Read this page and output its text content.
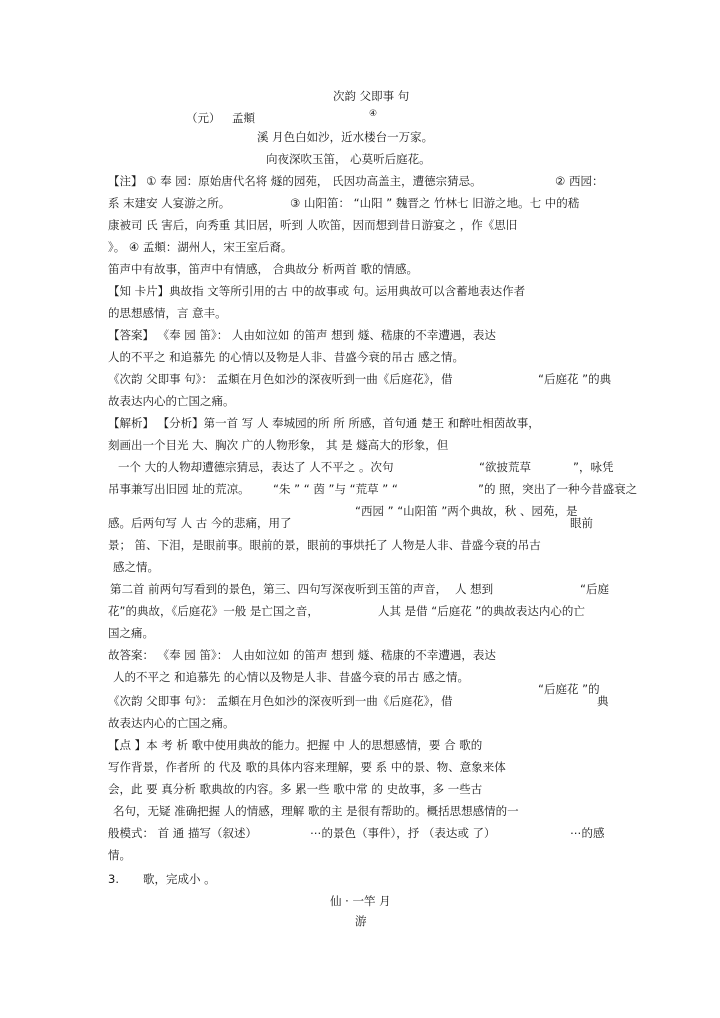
次韵 父即事 句
（元） 孟頫	④
溪 月色白如沙，近水楼台一万家。
向夜深吹玉笛， 心莫听后庭花。
【注】 ① 奉 园：原始唐代名将 燧的园苑， 氏因功高盖主，遭德宗猜忌。	② 西园：
系 末建安 人宴游之所。	③ 山阳笛： “山阳 ” 魏晋之 竹林七 旧游之地。七 中的嵇
康被司 氏 害后，向秀重 其旧居，听到 人吹笛，因而想到昔日游宴之 ，作《思旧
》。 ④ 孟頫：湖州人，宋王室后裔。
笛声中有故事，笛声中有情感， 合典故分 析两首 歌的情感。
【知 卡片】典故指 文等所引用的古 中的故事或 句。运用典故可以含蓄地表达作者
的思想感情，言 意丰。
【答案】 《奉 园 笛》： 人由如泣如 的笛声 想到 燧、嵇康的不幸遭遇，表达
人的不平之 和追慕先 的心情以及物是人非、昔盛今衰的吊古 感之情。
《次韵 父即事 句》： 孟頫在月色如沙的深夜听到一曲《后庭花》，借	“后庭花 ”的典
故表达内心的亡国之痛。
【解析】 【分析】第一首 写 人 奉城园的所 所 所感，首句通 楚王 和醉吐相茵故事，
刻画出一个目光 大、胸次 广的人物形象， 其 是 燧高大的形象，但
一个 大的人物却遭德宗猜忌，表达了 人不平之 。次句	“欲披荒草	”，咏凭
吊事兼写出旧园 址的荒凉。 “朱 ” “ 茵 ”与 “荒草 ” “	”的 照，突出了一种今昔盛衰之
“西园 ” “山阳笛 ”两个典故，秋 、园苑，是
感。后两句写 人 古 今的悲痛，用了	眼前
景； 笛、下泪，是眼前事。眼前的景，眼前的事烘托了 人物是人非、昔盛今衰的吊古
感之情。
第二首 前两句写看到的景色，第三、四句写深夜听到玉笛的声音， 人 想到	“后庭
花”的典故，《后庭花》一般 是亡国之音，	人其 是借 “后庭花 ”的典故表达内心的亡
国之痛。
故答案： 《奉 园 笛》： 人由如泣如 的笛声 想到 燧、嵇康的不幸遭遇，表达
人的不平之 和追慕先 的心情以及物是人非、昔盛今衰的吊古 感之情。
“后庭花 ”的
《次韵 父即事 句》： 孟頫在月色如沙的深夜听到一曲《后庭花》，借	典
故表达内心的亡国之痛。
【点 】本 考 析 歌中使用典故的能力。把握 中 人的思想感情，要 合 歌的
写作背景，作者所 的 代及 歌的具体内容来理解，要 系 中的景、物、意象来体
会，此 要 真分析 歌典故的内容。多 累一些 歌中常 的 史故事，多 一些古
名句，无疑 准确把握 人的情感，理解 歌的主 是很有帮助的。概括思想感情的一
般模式： 首 通 描写（叙述）	⋯的景色（事件），抒 （表达或 了）	⋯的感
情。
3. 歌，完成小 。
仙 · 一竿 月
游
